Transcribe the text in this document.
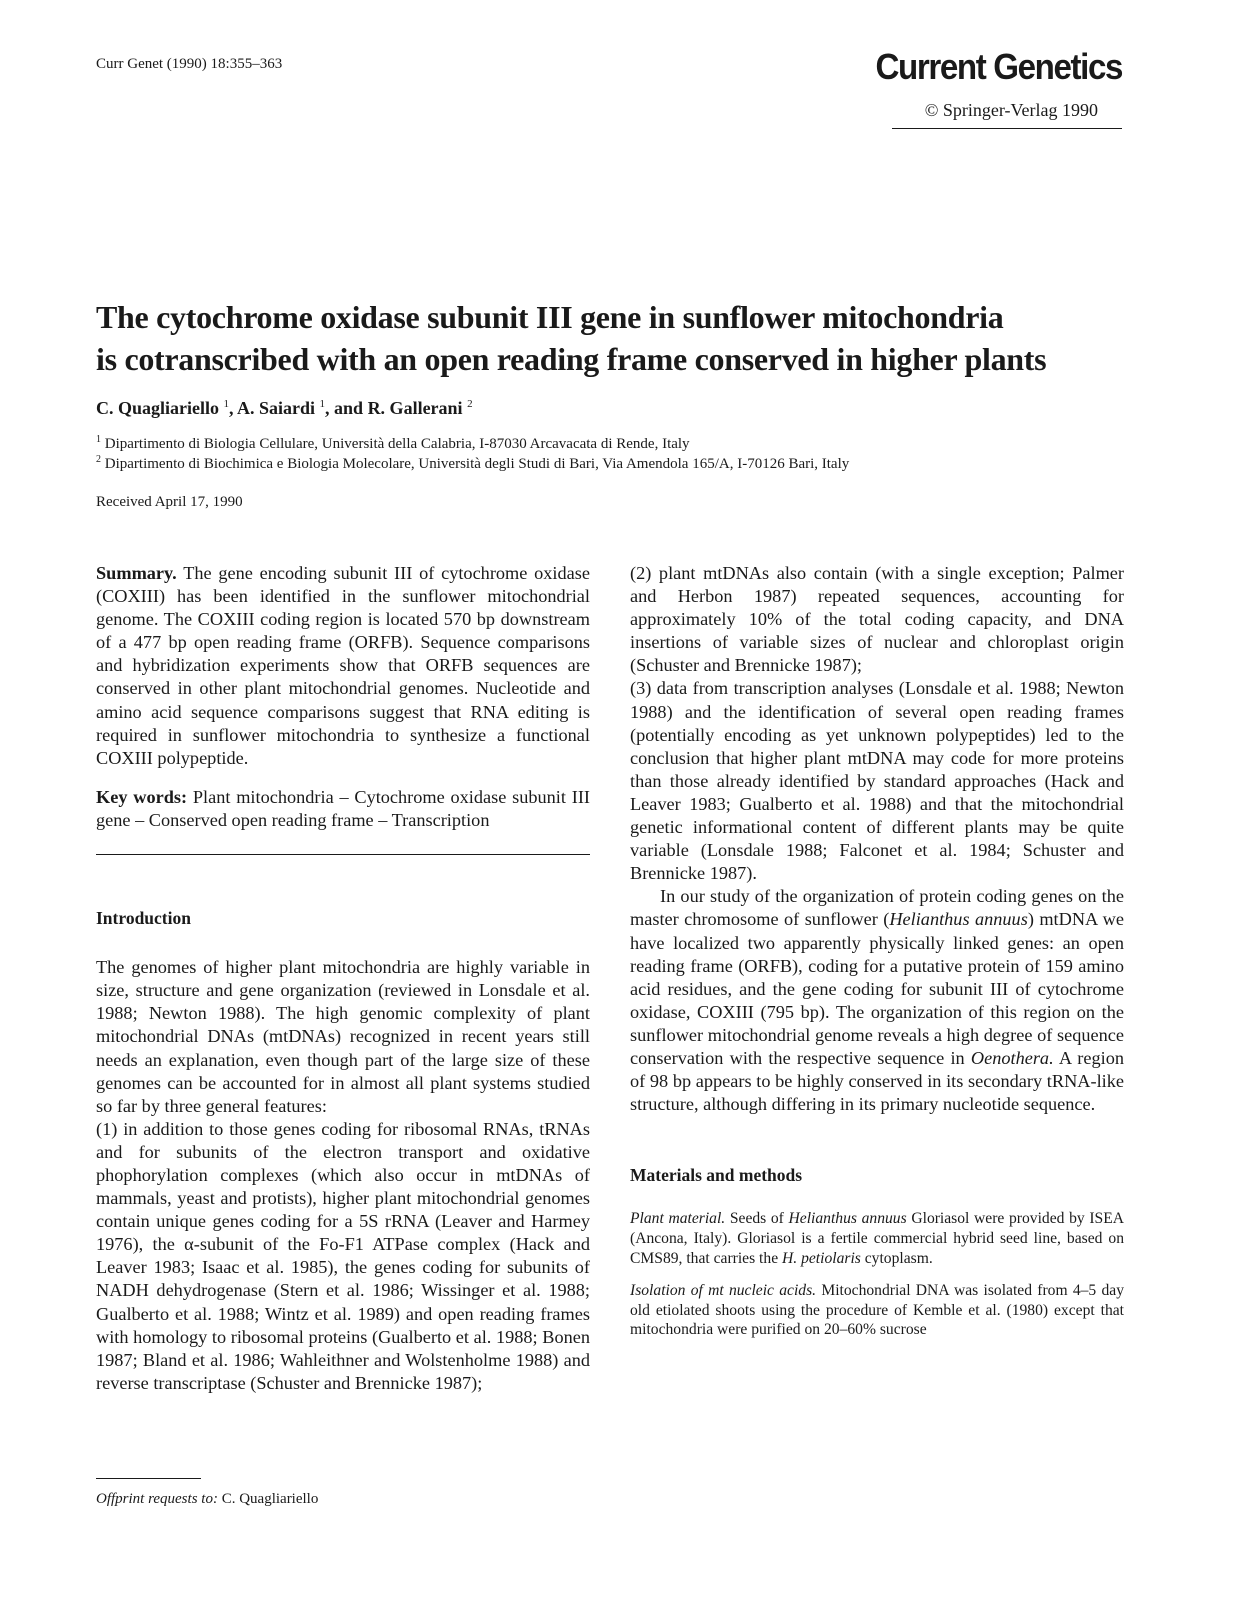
Curr Genet (1990) 18:355–363	Current Genetics
© Springer-Verlag 1990
The cytochrome oxidase subunit III gene in sunflower mitochondria
is cotranscribed with an open reading frame conserved in higher plants
C. Quagliariello $^1$, A. Saiardi $^1$, and R. Gallerani $^2$
$^1$ Dipartimento di Biologia Cellulare, Università della Calabria, I-87030 Arcavacata di Rende, Italy
$^2$ Dipartimento di Biochimica e Biologia Molecolare, Università degli Studi di Bari, Via Amendola 165/A, I-70126 Bari, Italy
Received April 17, 1990

Summary. The gene encoding subunit III of cytochrome oxidase (COXIII) has been identified in the sunflower mitochondrial genome. The COXIII coding region is located 570 bp downstream of a 477 bp open reading frame (ORFB). Sequence comparisons and hybridization experiments show that ORFB sequences are conserved in other plant mitochondrial genomes. Nucleotide and amino acid sequence comparisons suggest that RNA editing is required in sunflower mitochondria to synthesize a functional COXIII polypeptide.

Key words: Plant mitochondria – Cytochrome oxidase subunit III gene – Conserved open reading frame – Transcription

Introduction

The genomes of higher plant mitochondria are highly variable in size, structure and gene organization (reviewed in Lonsdale et al. 1988; Newton 1988). The high genomic complexity of plant mitochondrial DNAs (mtDNAs) recognized in recent years still needs an explanation, even though part of the large size of these genomes can be accounted for in almost all plant systems studied so far by three general features:

(1) in addition to those genes coding for ribosomal RNAs, tRNAs and for subunits of the electron transport and oxidative phophorylation complexes (which also occur in mtDNAs of mammals, yeast and protists), higher plant mitochondrial genomes contain unique genes coding for a 5S rRNA (Leaver and Harmey 1976), the α-subunit of the Fo-F1 ATPase complex (Hack and Leaver 1983; Isaac et al. 1985), the genes coding for subunits of NADH dehydrogenase (Stern et al. 1986; Wissinger et al. 1988; Gualberto et al. 1988; Wintz et al. 1989) and open reading frames with homology to ribosomal proteins (Gualberto et al. 1988; Bonen 1987; Bland et al. 1986; Wahleithner and Wolstenholme 1988) and reverse transcriptase (Schuster and Brennicke 1987);

(2) plant mtDNAs also contain (with a single exception; Palmer and Herbon 1987) repeated sequences, accounting for approximately 10% of the total coding capacity, and DNA insertions of variable sizes of nuclear and chloroplast origin (Schuster and Brennicke 1987);

(3) data from transcription analyses (Lonsdale et al. 1988; Newton 1988) and the identification of several open reading frames (potentially encoding as yet unknown polypeptides) led to the conclusion that higher plant mtDNA may code for more proteins than those already identified by standard approaches (Hack and Leaver 1983; Gualberto et al. 1988) and that the mitochondrial genetic informational content of different plants may be quite variable (Lonsdale 1988; Falconet et al. 1984; Schuster and Brennicke 1987).

In our study of the organization of protein coding genes on the master chromosome of sunflower (Helianthus annuus) mtDNA we have localized two apparently physically linked genes: an open reading frame (ORFB), coding for a putative protein of 159 amino acid residues, and the gene coding for subunit III of cytochrome oxidase, COXIII (795 bp). The organization of this region on the sunflower mitochondrial genome reveals a high degree of sequence conservation with the respective sequence in Oenothera. A region of 98 bp appears to be highly conserved in its secondary tRNA-like structure, although differing in its primary nucleotide sequence.

Materials and methods

Plant material. Seeds of Helianthus annuus Gloriasol were provided by ISEA (Ancona, Italy). Gloriasol is a fertile commercial hybrid seed line, based on CMS89, that carries the H. petiolaris cytoplasm.

Isolation of mt nucleic acids. Mitochondrial DNA was isolated from 4–5 day old etiolated shoots using the procedure of Kemble et al. (1980) except that mitochondria were purified on 20–60% sucrose

Offprint requests to: C. Quagliariello
